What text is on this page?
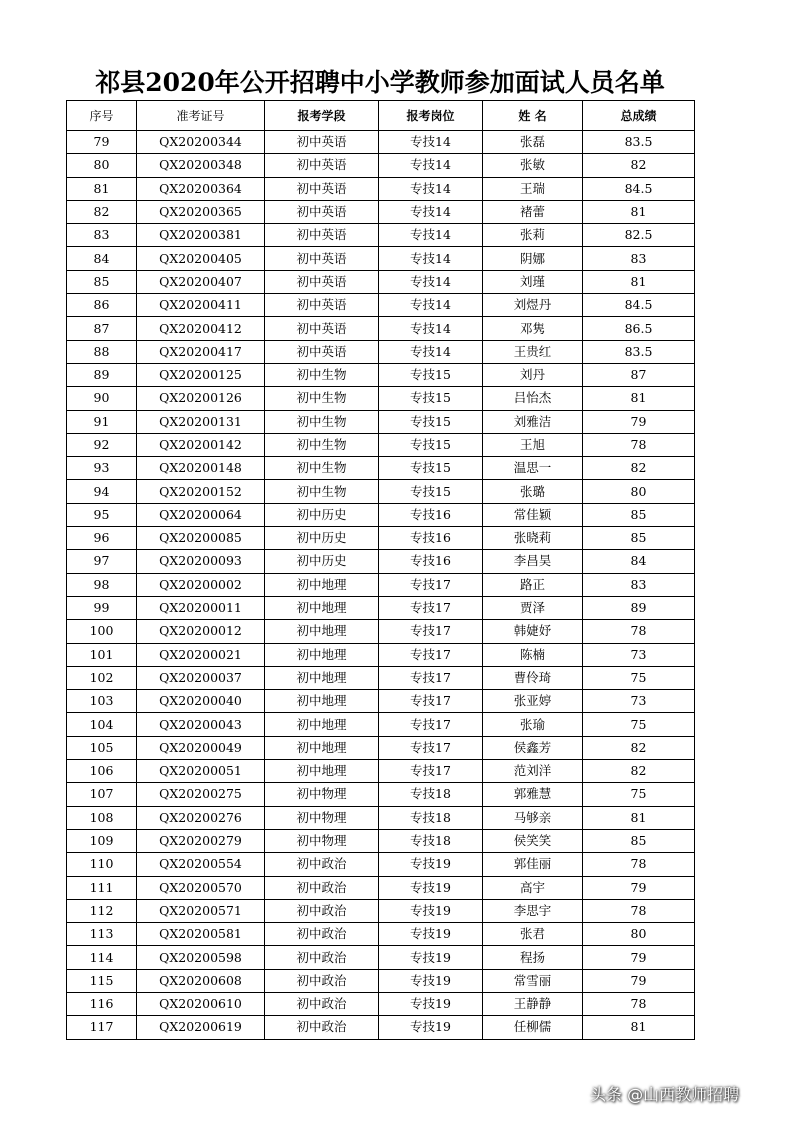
祁县2020年公开招聘中小学教师参加面试人员名单
序号	准考证号	报考学段	报考岗位	姓 名	总成绩
79	QX20200344	初中英语	专技14	张磊	83.5
80	QX20200348	初中英语	专技14	张敏	82
81	QX20200364	初中英语	专技14	王瑞	84.5
82	QX20200365	初中英语	专技14	褚蕾	81
83	QX20200381	初中英语	专技14	张莉	82.5
84	QX20200405	初中英语	专技14	阴娜	83
85	QX20200407	初中英语	专技14	刘瑾	81
86	QX20200411	初中英语	专技14	刘煜丹	84.5
87	QX20200412	初中英语	专技14	邓隽	86.5
88	QX20200417	初中英语	专技14	王贵红	83.5
89	QX20200125	初中生物	专技15	刘丹	87
90	QX20200126	初中生物	专技15	吕怡杰	81
91	QX20200131	初中生物	专技15	刘雅洁	79
92	QX20200142	初中生物	专技15	王旭	78
93	QX20200148	初中生物	专技15	温思一	82
94	QX20200152	初中生物	专技15	张璐	80
95	QX20200064	初中历史	专技16	常佳颖	85
96	QX20200085	初中历史	专技16	张晓莉	85
97	QX20200093	初中历史	专技16	李昌昊	84
98	QX20200002	初中地理	专技17	路正	83
99	QX20200011	初中地理	专技17	贾泽	89
100	QX20200012	初中地理	专技17	韩婕妤	78
101	QX20200021	初中地理	专技17	陈楠	73
102	QX20200037	初中地理	专技17	曹伶琦	75
103	QX20200040	初中地理	专技17	张亚婷	73
104	QX20200043	初中地理	专技17	张瑜	75
105	QX20200049	初中地理	专技17	侯鑫芳	82
106	QX20200051	初中地理	专技17	范刘洋	82
107	QX20200275	初中物理	专技18	郭雅慧	75
108	QX20200276	初中物理	专技18	马够亲	81
109	QX20200279	初中物理	专技18	侯笑笑	85
110	QX20200554	初中政治	专技19	郭佳丽	78
111	QX20200570	初中政治	专技19	高宇	79
112	QX20200571	初中政治	专技19	李思宇	78
113	QX20200581	初中政治	专技19	张君	80
114	QX20200598	初中政治	专技19	程扬	79
115	QX20200608	初中政治	专技19	常雪丽	79
116	QX20200610	初中政治	专技19	王静静	78
117	QX20200619	初中政治	专技19	任柳儒	81
头条 @山西教师招聘
